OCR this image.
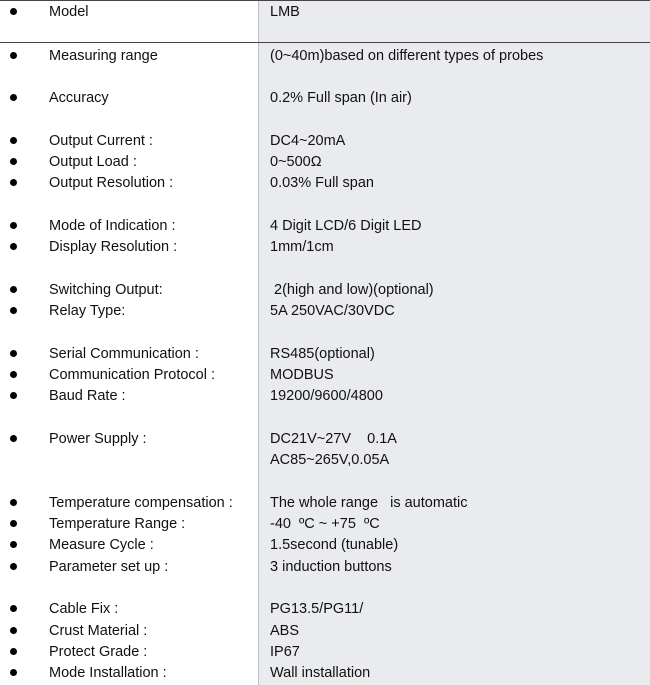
Model	LMB
Measuring range	(0~40m)based on different types of probes
Accuracy	0.2% Full span (In air)
Output Current :	DC4~20mA
Output Load :	0~500Ω
Output Resolution :	0.03% Full span
Mode of Indication :	4 Digit LCD/6 Digit LED
Display Resolution :	1mm/1cm
Switching Output:	2(high and low)(optional)
Relay Type:	5A 250VAC/30VDC
Serial Communication :	RS485(optional)
Communication Protocol :	MODBUS
Baud Rate :	19200/9600/4800
Power Supply :	DC21V~27V    0.1A
AC85~265V,0.05A
Temperature compensation :	The whole range   is automatic
Temperature Range :	-40  ºC ~ +75  ºC
Measure Cycle :	1.5second (tunable)
Parameter set up :	3 induction buttons
Cable Fix :	PG13.5/PG11/
Crust Material :	ABS
Protect Grade :	IP67
Mode Installation :	Wall installation
